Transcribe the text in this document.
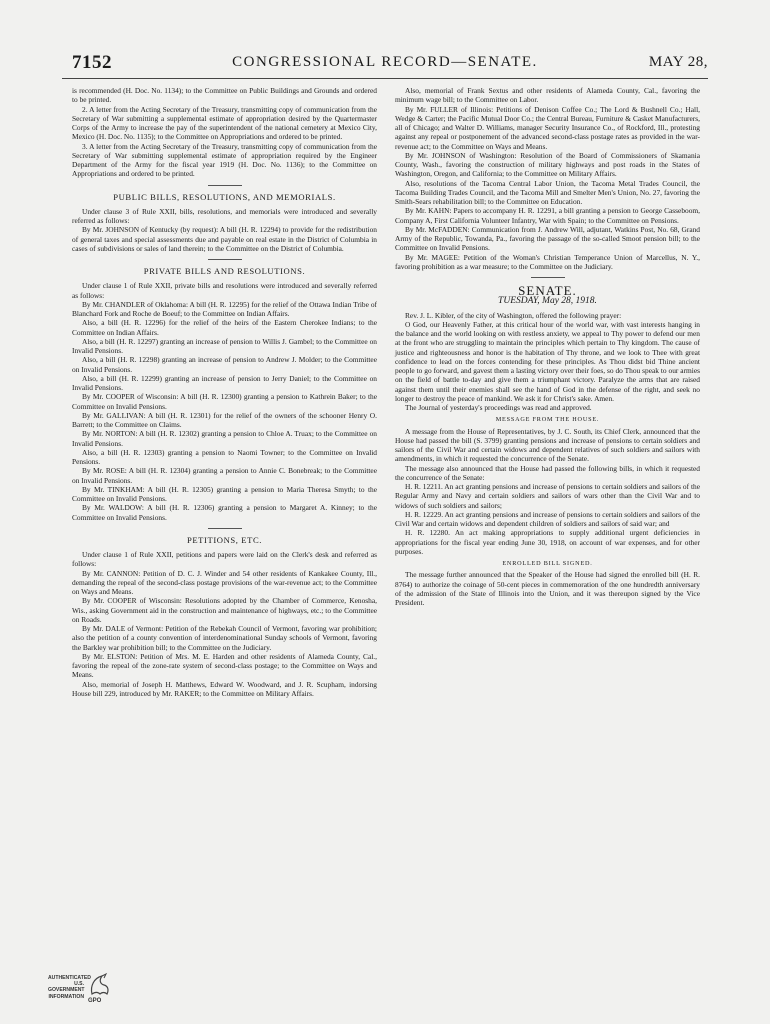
7152	CONGRESSIONAL RECORD—SENATE.	MAY 28,

is recommended (H. Doc. No. 1134); to the Committee on Public Buildings and Grounds and ordered to be printed.

2. A letter from the Acting Secretary of the Treasury, transmitting copy of communication from the Secretary of War submitting a supplemental estimate of appropriation desired by the Quartermaster Corps of the Army to increase the pay of the superintendent of the national cemetery at Mexico City, Mexico (H. Doc. No. 1135); to the Committee on Appropriations and ordered to be printed.

3. A letter from the Acting Secretary of the Treasury, transmitting copy of communication from the Secretary of War submitting supplemental estimate of appropriation required by the Engineer Department of the Army for the fiscal year 1919 (H. Doc. No. 1136); to the Committee on Appropriations and ordered to be printed.

PUBLIC BILLS, RESOLUTIONS, AND MEMORIALS.

Under clause 3 of Rule XXII, bills, resolutions, and memorials were introduced and severally referred as follows:

By Mr. JOHNSON of Kentucky (by request): A bill (H. R. 12294) to provide for the redistribution of general taxes and special assessments due and payable on real estate in the District of Columbia in cases of subdivisions or sales of land therein; to the Committee on the District of Columbia.

PRIVATE BILLS AND RESOLUTIONS.

Under clause 1 of Rule XXII, private bills and resolutions were introduced and severally referred as follows:

By Mr. CHANDLER of Oklahoma: A bill (H. R. 12295) for the relief of the Ottawa Indian Tribe of Blanchard Fork and Roche de Boeuf; to the Committee on Indian Affairs.

Also, a bill (H. R. 12296) for the relief of the heirs of the Eastern Cherokee Indians; to the Committee on Indian Affairs.

Also, a bill (H. R. 12297) granting an increase of pension to Willis J. Gambel; to the Committee on Invalid Pensions.

Also, a bill (H. R. 12298) granting an increase of pension to Andrew J. Molder; to the Committee on Invalid Pensions.

Also, a bill (H. R. 12299) granting an increase of pension to Jerry Daniel; to the Committee on Invalid Pensions.

By Mr. COOPER of Wisconsin: A bill (H. R. 12300) granting a pension to Kathrein Baker; to the Committee on Invalid Pensions.

By Mr. GALLIVAN: A bill (H. R. 12301) for the relief of the owners of the schooner Henry O. Barrett; to the Committee on Claims.

By Mr. NORTON: A bill (H. R. 12302) granting a pension to Chloe A. Truax; to the Committee on Invalid Pensions.

Also, a bill (H. R. 12303) granting a pension to Naomi Towner; to the Committee on Invalid Pensions.

By Mr. ROSE: A bill (H. R. 12304) granting a pension to Annie C. Bonebreak; to the Committee on Invalid Pensions.

By Mr. TINKHAM: A bill (H. R. 12305) granting a pension to Maria Theresa Smyth; to the Committee on Invalid Pensions.

By Mr. WALDOW: A bill (H. R. 12306) granting a pension to Margaret A. Kinney; to the Committee on Invalid Pensions.

PETITIONS, ETC.

Under clause 1 of Rule XXII, petitions and papers were laid on the Clerk's desk and referred as follows:

By Mr. CANNON: Petition of D. C. J. Winder and 54 other residents of Kankakee County, Ill., demanding the repeal of the second-class postage provisions of the war-revenue act; to the Committee on Ways and Means.

By Mr. COOPER of Wisconsin: Resolutions adopted by the Chamber of Commerce, Kenosha, Wis., asking Government aid in the construction and maintenance of highways, etc.; to the Committee on Roads.

By Mr. DALE of Vermont: Petition of the Rebekah Council of Vermont, favoring war prohibition; also the petition of a county convention of interdenominational Sunday schools of Vermont, favoring the Barkley war prohibition bill; to the Committee on the Judiciary.

By Mr. ELSTON: Petition of Mrs. M. E. Harden and other residents of Alameda County, Cal., favoring the repeal of the zone-rate system of second-class postage; to the Committee on Ways and Means.

Also, memorial of Joseph H. Matthews, Edward W. Woodward, and J. R. Scupham, indorsing House bill 229, introduced by Mr. RAKER; to the Committee on Military Affairs.

Also, memorial of Frank Sextus and other residents of Alameda County, Cal., favoring the minimum wage bill; to the Committee on Labor.

By Mr. FULLER of Illinois: Petitions of Denison Coffee Co.; The Lord & Bushnell Co.; Hall, Wedge & Carter; the Pacific Mutual Door Co.; the Central Bureau, Furniture & Casket Manufacturers, all of Chicago; and Walter D. Williams, manager Security Insurance Co., of Rockford, Ill., protesting against any repeal or postponement of the advanced second-class postage rates as provided in the war-revenue act; to the Committee on Ways and Means.

By Mr. JOHNSON of Washington: Resolution of the Board of Commissioners of Skamania County, Wash., favoring the construction of military highways and post roads in the States of Washington, Oregon, and California; to the Committee on Military Affairs.

Also, resolutions of the Tacoma Central Labor Union, the Tacoma Metal Trades Council, the Tacoma Building Trades Council, and the Tacoma Mill and Smelter Men's Union, No. 27, favoring the Smith-Sears rehabilitation bill; to the Committee on Education.

By Mr. KAHN: Papers to accompany H. R. 12291, a bill granting a pension to George Casseboom, Company A, First California Volunteer Infantry, War with Spain; to the Committee on Pensions.

By Mr. McFADDEN: Communication from J. Andrew Will, adjutant, Watkins Post, No. 68, Grand Army of the Republic, Towanda, Pa., favoring the passage of the so-called Smoot pension bill; to the Committee on Invalid Pensions.

By Mr. MAGEE: Petition of the Woman's Christian Temperance Union of Marcellus, N. Y., favoring prohibition as a war measure; to the Committee on the Judiciary.

SENATE.
TUESDAY, May 28, 1918.

Rev. J. L. Kibler, of the city of Washington, offered the following prayer:

O God, our Heavenly Father, at this critical hour of the world war, with vast interests hanging in the balance and the world looking on with restless anxiety, we appeal to Thy power to defend our men at the front who are struggling to maintain the principles which pertain to Thy kingdom. The cause of justice and righteousness and honor is the habitation of Thy throne, and we look to Thee with great confidence to lead on the forces contending for these principles. As Thou didst bid Thine ancient people to go forward, and gavest them a lasting victory over their foes, so do Thou speak to our armies on the field of battle to-day and give them a triumphant victory. Paralyze the arms that are raised against them until their enemies shall see the hand of God in the defense of the right, and seek no longer to destroy the peace of mankind. We ask it for Christ's sake. Amen.

The Journal of yesterday's proceedings was read and approved.

MESSAGE FROM THE HOUSE.

A message from the House of Representatives, by J. C. South, its Chief Clerk, announced that the House had passed the bill (S. 3799) granting pensions and increase of pensions to certain soldiers and sailors of the Civil War and certain widows and dependent relatives of such soldiers and sailors with amendments, in which it requested the concurrence of the Senate.

The message also announced that the House had passed the following bills, in which it requested the concurrence of the Senate:

H. R. 12211. An act granting pensions and increase of pensions to certain soldiers and sailors of the Regular Army and Navy and certain soldiers and sailors of wars other than the Civil War and to widows of such soldiers and sailors;

H. R. 12229. An act granting pensions and increase of pensions to certain soldiers and sailors of the Civil War and certain widows and dependent children of soldiers and sailors of said war; and

H. R. 12280. An act making appropriations to supply additional urgent deficiencies in appropriations for the fiscal year ending June 30, 1918, on account of war expenses, and for other purposes.

ENROLLED BILL SIGNED.

The message further announced that the Speaker of the House had signed the enrolled bill (H. R. 8764) to authorize the coinage of 50-cent pieces in commemoration of the one hundredth anniversary of the admission of the State of Illinois into the Union, and it was thereupon signed by the Vice President.

AUTHENTICATED
U.S. GOVERNMENT
INFORMATION
GPO
